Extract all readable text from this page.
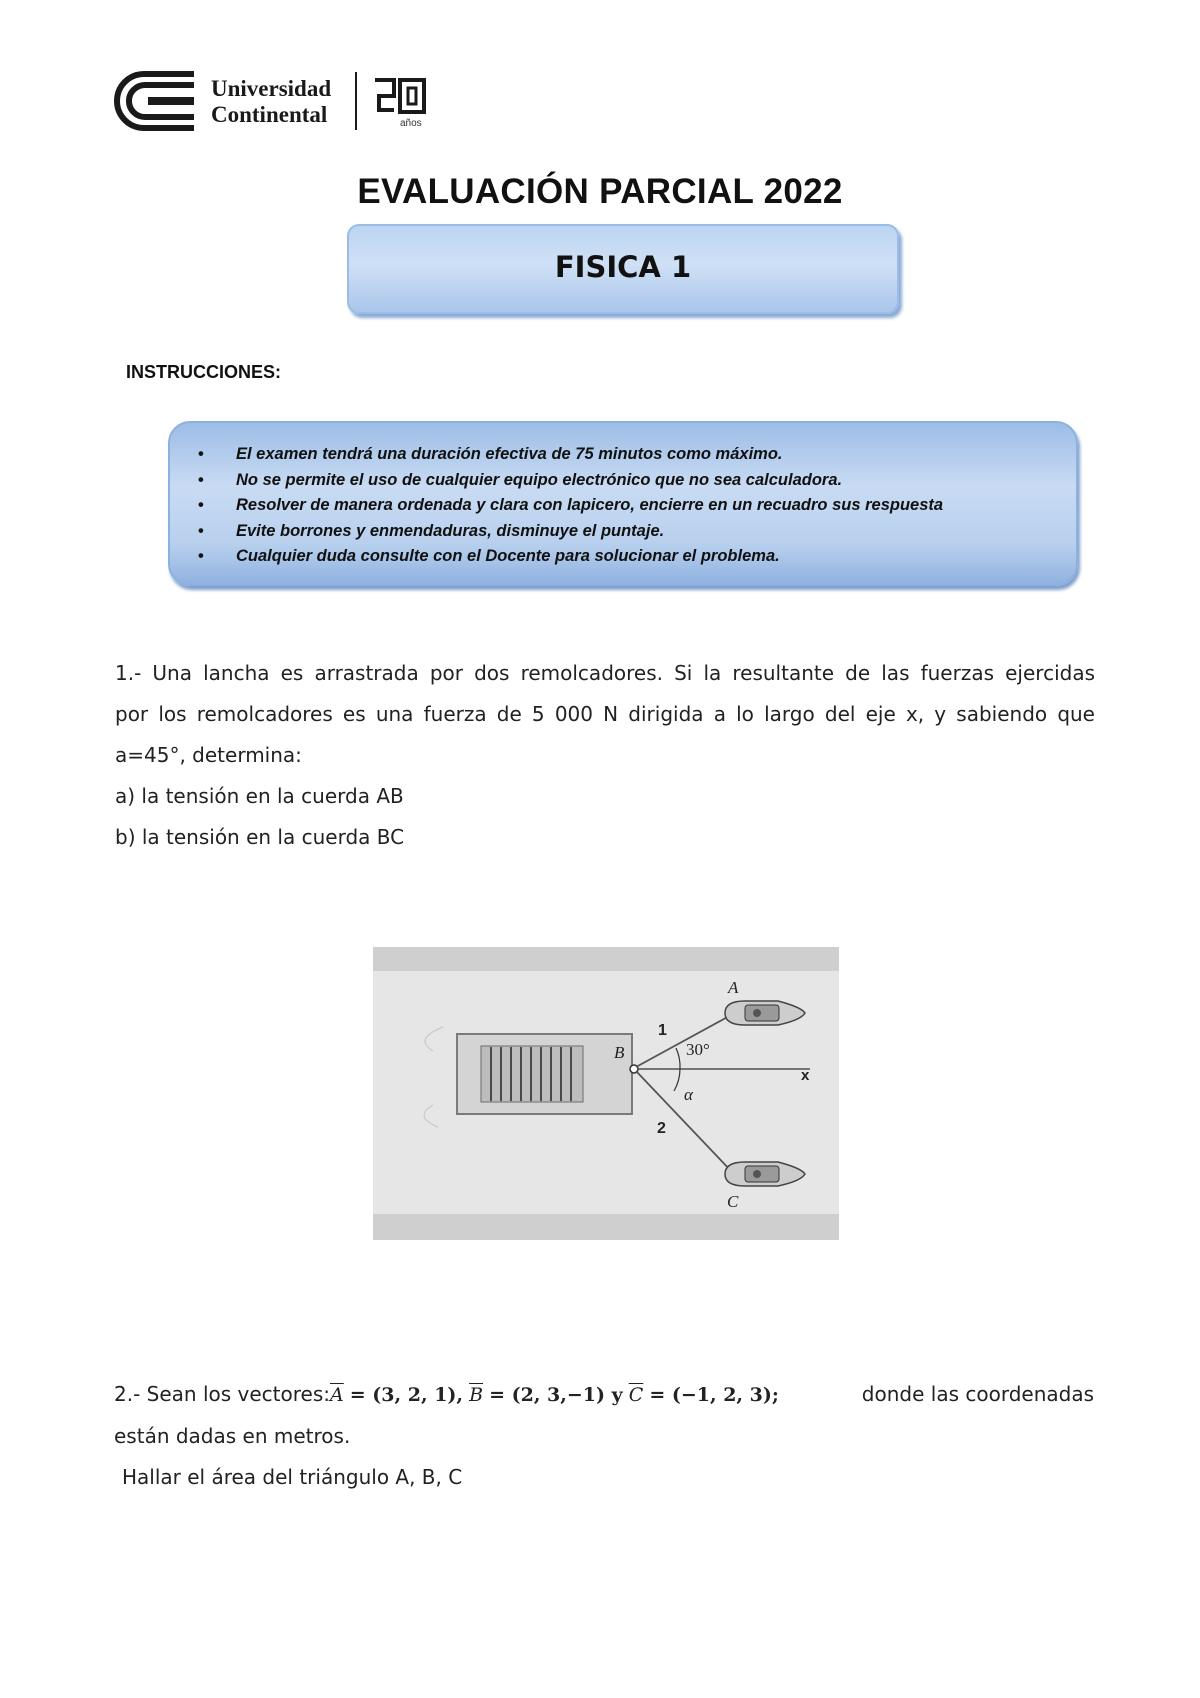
Universidad
Continental	años
EVALUACIÓN PARCIAL 2022
FISICA 1
INSTRUCCIONES:
• El examen tendrá una duración efectiva de 75 minutos como máximo.
• No se permite el uso de cualquier equipo electrónico que no sea calculadora.
• Resolver de manera ordenada y clara con lapicero, encierre en un recuadro sus respuesta
• Evite borrones y enmendaduras, disminuye el puntaje.
• Cualquier duda consulte con el Docente para solucionar el problema.
1.- Una lancha es arrastrada por dos remolcadores. Si la resultante de las fuerzas ejercidas
por los remolcadores es una fuerza de 5 000 N dirigida a lo largo del eje x, y sabiendo que
a=45°, determina:
a) la tensión en la cuerda AB
b) la tensión en la cuerda BC
A
B
C
1
2
30°
α
x
2.- Sean los $vectores:\overline{A} = (3$, 2, 1), $\overline{B} = (2$, 3,−1) y $\overline{C} = (-1$, 2, 3);	donde las coordenadas
están dadas en metros.
Hallar el área del triángulo A, B, C
